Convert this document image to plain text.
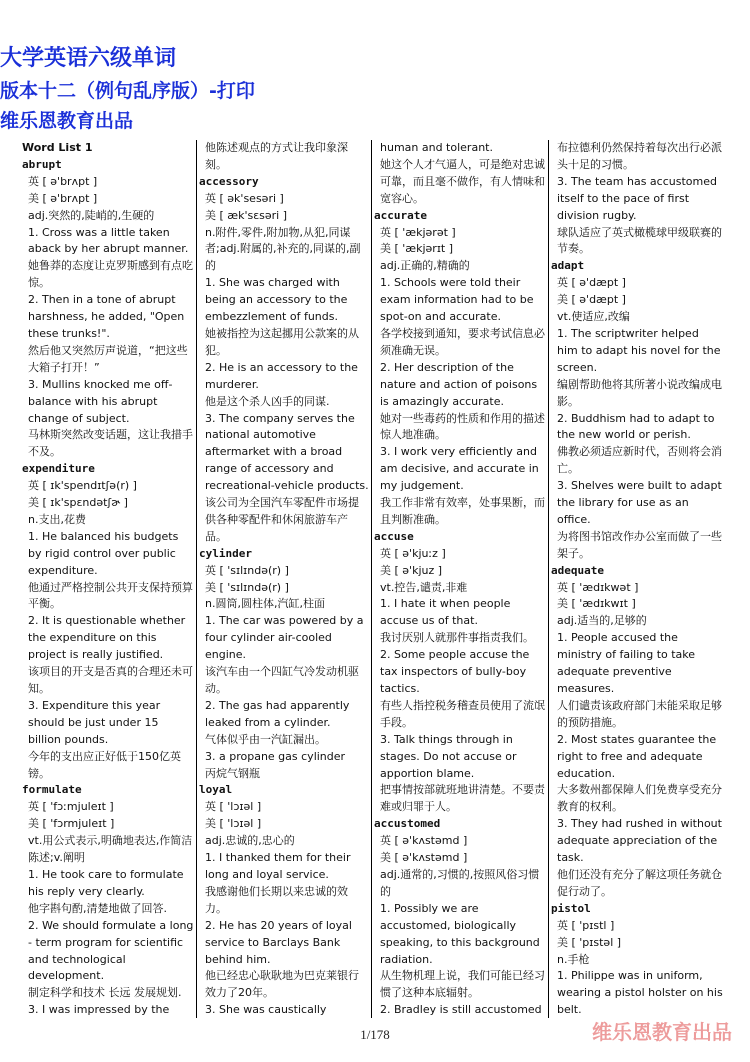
大学英语六级单词
版本十二（例句乱序版）-打印
维乐恩教育出品
Word List 1
abrupt
英 [ ə'brʌpt ]
美 [ ə'brʌpt ]
adj.突然的,陡峭的,生硬的
1. Cross was a little taken aback by her abrupt manner.
她鲁莽的态度让克罗斯感到有点吃惊。
2. Then in a tone of abrupt harshness, he added, "Open these trunks!".
然后他又突然厉声说道，“把这些大箱子打开！”
3. Mullins knocked me off-balance with his abrupt change of subject.
马林斯突然改变话题，这让我措手不及。
expenditure
英 [ ɪk'spendɪtʃə(r) ]
美 [ ɪk'spɛndətʃɚ ]
n.支出,花费
1. He balanced his budgets by rigid control over public expenditure.
他通过严格控制公共开支保持预算平衡。
2. It is questionable whether the expenditure on this project is really justified.
该项目的开支是否真的合理还未可知。
3. Expenditure this year should be just under 15 billion pounds.
今年的支出应正好低于150亿英镑。
formulate
英 [ 'fɔːmjuleɪt ]
美 [ 'fɔrmjuleɪt ]
vt.用公式表示,明确地表达,作简洁陈述;v.阐明
1. He took care to formulate his reply very clearly.
他字斟句酌,清楚地做了回答.
2. We should formulate a long - term program for scientific and technological development.
制定科学和技术 长远 发展规划.
3. I was impressed by the
他陈述观点的方式让我印象深刻。
accessory
英 [ ək'sesəri ]
美 [ æk'sɛsəri ]
n.附件,零件,附加物,从犯,同谋者;adj.附属的,补充的,同谋的,副的
1. She was charged with being an accessory to the embezzlement of funds.
她被指控为这起挪用公款案的从犯。
2. He is an accessory to the murderer.
他是这个杀人凶手的同谋.
3. The company serves the national automotive aftermarket with a broad range of accessory and recreational-vehicle products.
该公司为全国汽车零配件市场提供各种零配件和休闲旅游车产品。
cylinder
英 [ 'sɪlɪndə(r) ]
美 [ 'sɪlɪndə(r) ]
n.圆筒,圆柱体,汽缸,柱面
1. The car was powered by a four cylinder air-cooled engine.
该汽车由一个四缸气冷发动机驱动。
2. The gas had apparently leaked from a cylinder.
气体似乎由一汽缸漏出。
3. a propane gas cylinder
丙烷气钢瓶
loyal
英 [ 'lɔɪəl ]
美 [ 'lɔɪəl ]
adj.忠诚的,忠心的
1. I thanked them for their long and loyal service.
我感谢他们长期以来忠诚的效力。
2. He has 20 years of loyal service to Barclays Bank behind him.
他已经忠心耿耿地为巴克莱银行效力了20年。
3. She was caustically
human and tolerant.
她这个人才气逼人，可是绝对忠诚可靠，而且毫不做作，有人情味和宽容心。
accurate
英 [ 'ækjərət ]
美 [ 'ækjərɪt ]
adj.正确的,精确的
1. Schools were told their exam information had to be spot-on and accurate.
各学校接到通知，要求考试信息必须准确无误。
2. Her description of the nature and action of poisons is amazingly accurate.
她对一些毒药的性质和作用的描述惊人地准确。
3. I work very efficiently and am decisive, and accurate in my judgement.
我工作非常有效率，处事果断，而且判断准确。
accuse
英 [ ə'kjuːz ]
美 [ ə'kjuz ]
vt.控告,谴责,非难
1. I hate it when people accuse us of that.
我讨厌别人就那件事指责我们。
2. Some people accuse the tax inspectors of bully-boy tactics.
有些人指控税务稽查员使用了流氓手段。
3. Talk things through in stages. Do not accuse or apportion blame.
把事情按部就班地讲清楚。不要责难或归罪于人。
accustomed
英 [ ə'kʌstəmd ]
美 [ ə'kʌstəmd ]
adj.通常的,习惯的,按照风俗习惯的
1. Possibly we are accustomed, biologically speaking, to this background radiation.
从生物机理上说，我们可能已经习惯了这种本底辐射。
2. Bradley is still accustomed
布拉德利仍然保持着每次出行必派头十足的习惯。
3. The team has accustomed itself to the pace of first division rugby.
球队适应了英式橄榄球甲级联赛的节奏。
adapt
英 [ ə'dæpt ]
美 [ ə'dæpt ]
vt.使适应,改编
1. The scriptwriter helped him to adapt his novel for the screen.
编剧帮助他将其所著小说改编成电影。
2. Buddhism had to adapt to the new world or perish.
佛教必须适应新时代，否则将会消亡。
3. Shelves were built to adapt the library for use as an office.
为将图书馆改作办公室而做了一些架子。
adequate
英 [ 'ædɪkwət ]
美 [ 'ædɪkwɪt ]
adj.适当的,足够的
1. People accused the ministry of failing to take adequate preventive measures.
人们谴责该政府部门未能采取足够的预防措施。
2. Most states guarantee the right to free and adequate education.
大多数州都保障人们免费享受充分教育的权利。
3. They had rushed in without adequate appreciation of the task.
他们还没有充分了解这项任务就仓促行动了。
pistol
英 [ 'pɪstl ]
美 [ 'pɪstəl ]
n.手枪
1. Philippe was in uniform, wearing a pistol holster on his belt.
1/178	维乐恩教育出品
